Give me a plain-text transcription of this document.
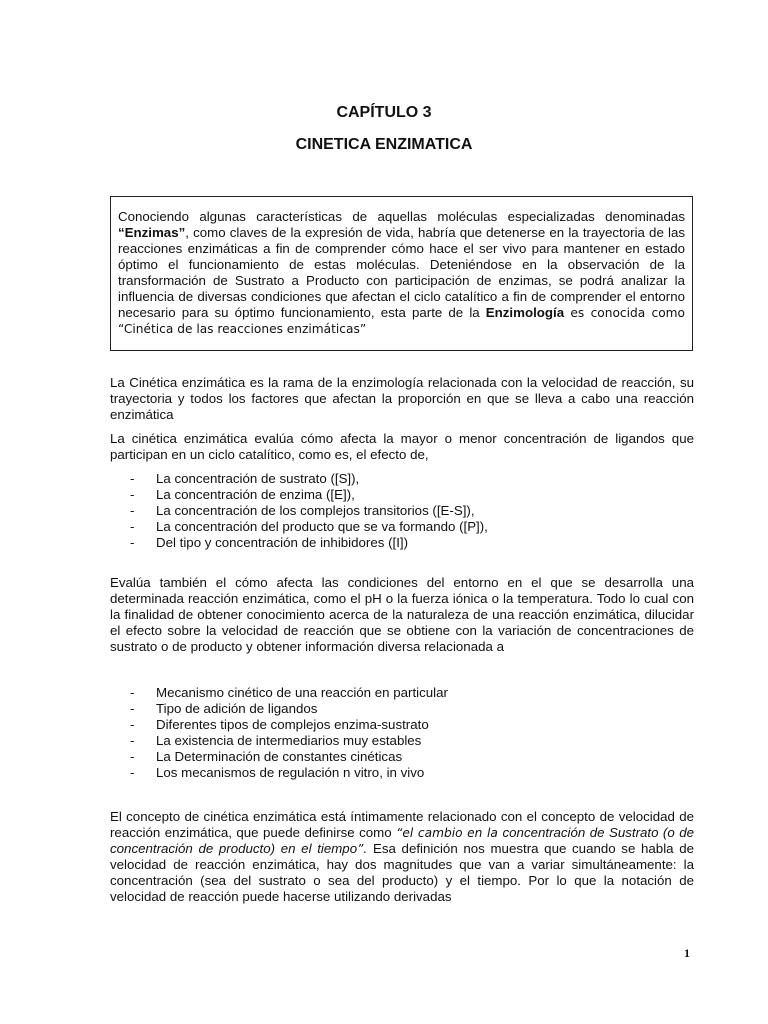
CAPÍTULO 3
CINETICA ENZIMATICA

Conociendo algunas características de aquellas moléculas especializadas denominadas “Enzimas”, como claves de la expresión de vida, habría que detenerse en la trayectoria de las reacciones enzimáticas a fin de comprender cómo hace el ser vivo para mantener en estado óptimo el funcionamiento de estas moléculas. Deteniéndose en la observación de la transformación de Sustrato a Producto con participación de enzimas, se podrá analizar la influencia de diversas condiciones que afectan el ciclo catalítico a fin de comprender el entorno necesario para su óptimo funcionamiento, esta parte de la Enzimología es conocida como “Cinética de las reacciones enzimáticas”

La Cinética enzimática es la rama de la enzimología relacionada con la velocidad de reacción, su trayectoria y todos los factores que afectan la proporción en que se lleva a cabo una reacción enzimática

La cinética enzimática evalúa cómo afecta la mayor o menor concentración de ligandos que participan en un ciclo catalítico, como es, el efecto de,

- La concentración de sustrato ([S]),
- La concentración de enzima ([E]),
- La concentración de los complejos transitorios ([E-S]),
- La concentración del producto que se va formando ([P]),
- Del tipo y concentración de inhibidores ([I])

Evalúa también el cómo afecta las condiciones del entorno en el que se desarrolla una determinada reacción enzimática, como el pH o la fuerza iónica o la temperatura. Todo lo cual con la finalidad de obtener conocimiento acerca de la naturaleza de una reacción enzimática, dilucidar el efecto sobre la velocidad de reacción que se obtiene con la variación de concentraciones de sustrato o de producto y obtener información diversa relacionada a

- Mecanismo cinético de una reacción en particular
- Tipo de adición de ligandos
- Diferentes tipos de complejos enzima-sustrato
- La existencia de intermediarios muy estables
- La Determinación de constantes cinéticas
- Los mecanismos de regulación n vitro, in vivo

El concepto de cinética enzimática está íntimamente relacionado con el concepto de velocidad de reacción enzimática, que puede definirse como “el cambio en la concentración de Sustrato (o de concentración de producto) en el tiempo”. Esa definición nos muestra que cuando se habla de velocidad de reacción enzimática, hay dos magnitudes que van a variar simultáneamente: la concentración (sea del sustrato o sea del producto) y el tiempo. Por lo que la notación de velocidad de reacción puede hacerse utilizando derivadas

1
